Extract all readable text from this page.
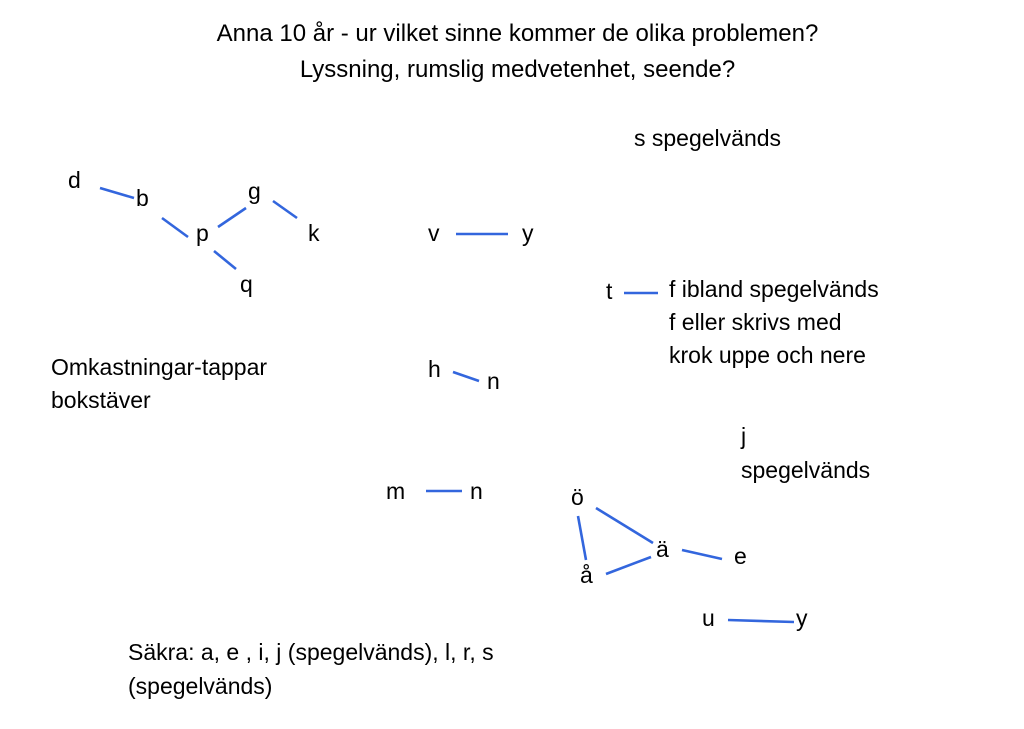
Anna 10 år - ur vilket sinne kommer de olika problemen?
Lyssning, rumslig medvetenhet, seende?
d
b
p
g
k
q
v	y
s spegelvänds
t f ibland spegelvänds
f eller skrivs med
krok uppe och nere
Omkastningar-tappar
bokstäver
h n
j
spegelvänds
m	n	ö
ä
å
e
u	y
Säkra: a, e , i, j (spegelvänds), l, r, s
(spegelvänds)
